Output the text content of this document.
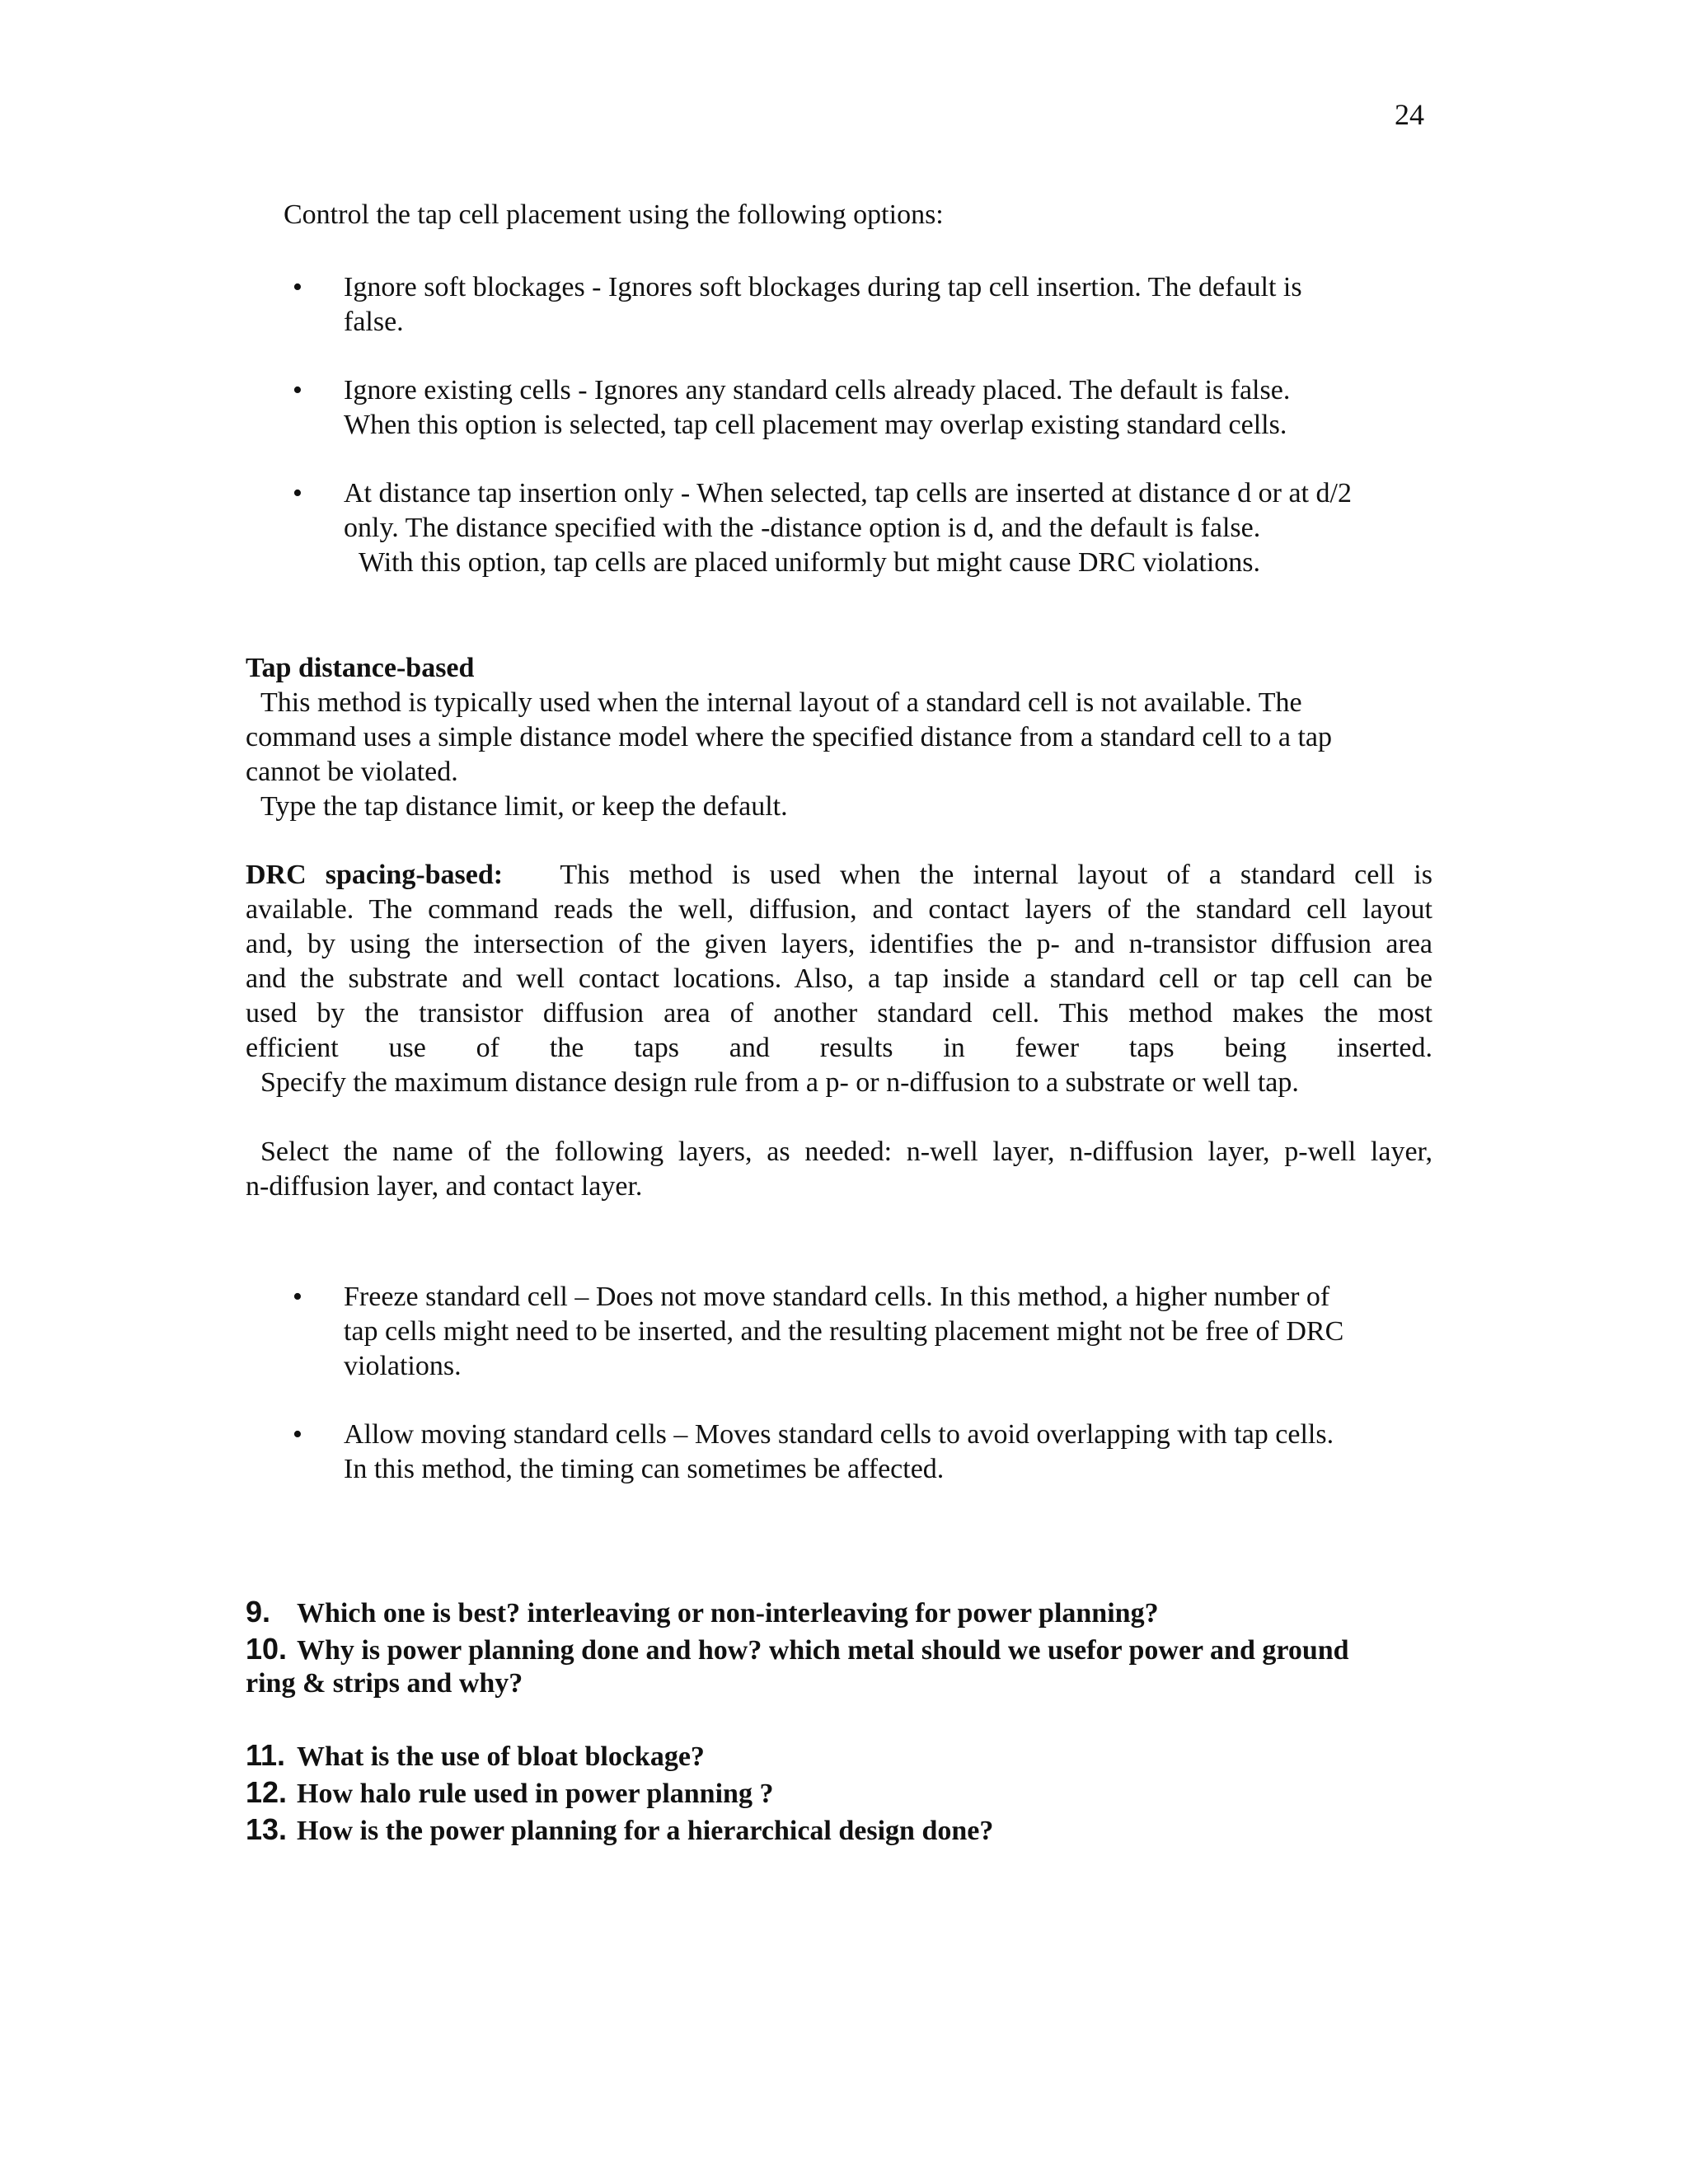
24
Control the tap cell placement using the following options:
• Ignore soft blockages - Ignores soft blockages during tap cell insertion. The default is
false.
• Ignore existing cells - Ignores any standard cells already placed. The default is false.
When this option is selected, tap cell placement may overlap existing standard cells.
• At distance tap insertion only - When selected, tap cells are inserted at distance d or at d/2
only. The distance specified with the -distance option is d, and the default is false.
With this option, tap cells are placed uniformly but might cause DRC violations.
Tap distance-based
This method is typically used when the internal layout of a standard cell is not available. The
command uses a simple distance model where the specified distance from a standard cell to a tap
cannot be violated.
Type the tap distance limit, or keep the default.
DRC spacing-based: This method is used when the internal layout of a standard cell is
available. The command reads the well, diffusion, and contact layers of the standard cell layout
and, by using the intersection of the given layers, identifies the p- and n-transistor diffusion area
and the substrate and well contact locations. Also, a tap inside a standard cell or tap cell can be
used by the transistor diffusion area of another standard cell. This method makes the most
efficient use of the taps and results in fewer taps being inserted.
Specify the maximum distance design rule from a p- or n-diffusion to a substrate or well tap.
Select the name of the following layers, as needed: n-well layer, n-diffusion layer, p-well layer,
n-diffusion layer, and contact layer.
• Freeze standard cell – Does not move standard cells. In this method, a higher number of
tap cells might need to be inserted, and the resulting placement might not be free of DRC
violations.
• Allow moving standard cells – Moves standard cells to avoid overlapping with tap cells.
In this method, the timing can sometimes be affected.
9. Which one is best? interleaving or non-interleaving for power planning?
10. Why is power planning done and how? which metal should we usefor power and ground
ring & strips and why?
11. What is the use of bloat blockage?
12. How halo rule used in power planning ?
13. How is the power planning for a hierarchical design done?
